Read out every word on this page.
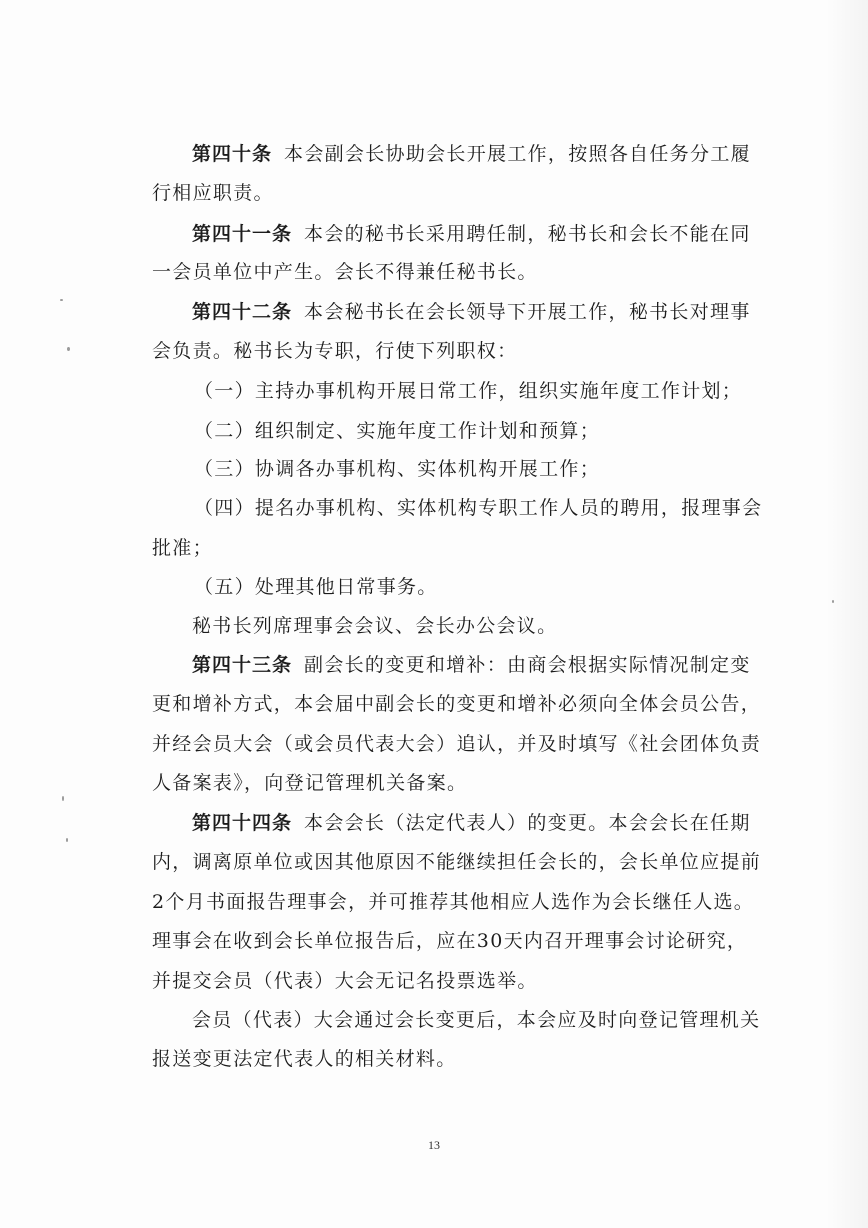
第四十条 本会副会长协助会长开展工作，按照各自任务分工履
行相应职责。
第四十一条 本会的秘书长采用聘任制，秘书长和会长不能在同
一会员单位中产生。会长不得兼任秘书长。
第四十二条 本会秘书长在会长领导下开展工作，秘书长对理事
会负责。秘书长为专职，行使下列职权：
（一）主持办事机构开展日常工作，组织实施年度工作计划；
（二）组织制定、实施年度工作计划和预算；
（三）协调各办事机构、实体机构开展工作；
（四）提名办事机构、实体机构专职工作人员的聘用，报理事会
批准；
（五）处理其他日常事务。
秘书长列席理事会会议、会长办公会议。
第四十三条 副会长的变更和增补：由商会根据实际情况制定变
更和增补方式，本会届中副会长的变更和增补必须向全体会员公告，
并经会员大会（或会员代表大会）追认，并及时填写《社会团体负责
人备案表》，向登记管理机关备案。
第四十四条 本会会长（法定代表人）的变更。本会会长在任期
内，调离原单位或因其他原因不能继续担任会长的，会长单位应提前
2个月书面报告理事会，并可推荐其他相应人选作为会长继任人选。
理事会在收到会长单位报告后，应在30天内召开理事会讨论研究，
并提交会员（代表）大会无记名投票选举。
会员（代表）大会通过会长变更后，本会应及时向登记管理机关
报送变更法定代表人的相关材料。
13
